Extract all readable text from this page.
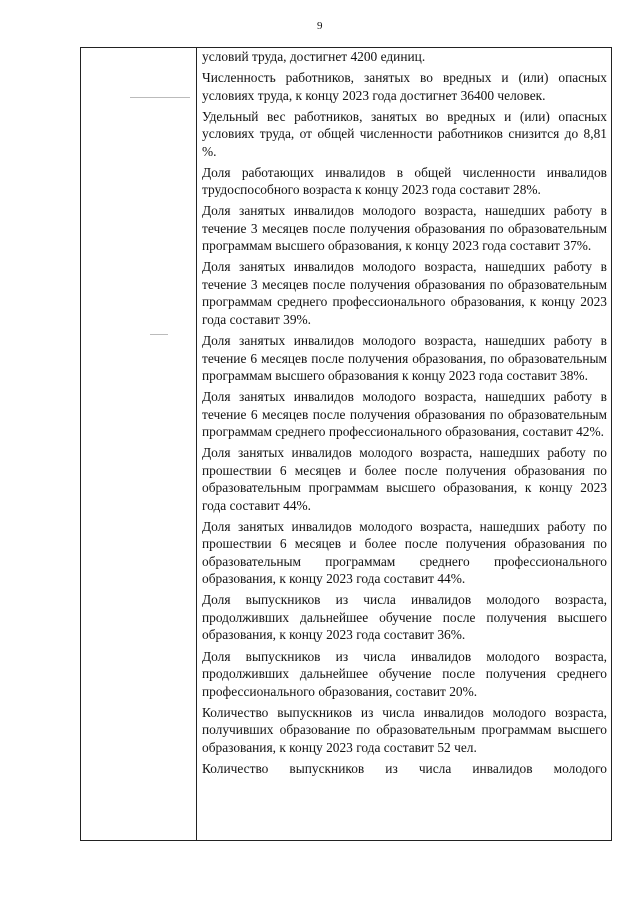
9

условий труда, достигнет 4200 единиц.

Численность работников, занятых во вредных и (или) опасных условиях труда, к концу 2023 года достигнет 36400 человек.

Удельный вес работников, занятых во вредных и (или) опасных условиях труда, от общей численности работников снизится до 8,81 %.

Доля работающих инвалидов в общей численности инвалидов трудоспособного возраста к концу 2023 года составит 28%.

Доля занятых инвалидов молодого возраста, нашедших работу в течение 3 месяцев после получения образования по образовательным программам высшего образования, к концу 2023 года составит 37%.

Доля занятых инвалидов молодого возраста, нашедших работу в течение 3 месяцев после получения образования по образовательным программам среднего профессионального образования, к концу 2023 года составит 39%.

Доля занятых инвалидов молодого возраста, нашедших работу в течение 6 месяцев после получения образования, по образовательным программам высшего образования к концу 2023 года составит 38%.

Доля занятых инвалидов молодого возраста, нашедших работу в течение 6 месяцев после получения образования по образовательным программам среднего профессионального образования, составит 42%.

Доля занятых инвалидов молодого возраста, нашедших работу по прошествии 6 месяцев и более после получения образования по образовательным программам высшего образования, к концу 2023 года составит 44%.

Доля занятых инвалидов молодого возраста, нашедших работу по прошествии 6 месяцев и более после получения образования по образовательным программам среднего профессионального образования, к концу 2023 года составит 44%.

Доля выпускников из числа инвалидов молодого возраста, продолживших дальнейшее обучение после получения высшего образования, к концу 2023 года составит 36%.

Доля выпускников из числа инвалидов молодого возраста, продолживших дальнейшее обучение после получения среднего профессионального образования, составит 20%.

Количество выпускников из числа инвалидов молодого возраста, получивших образование по образовательным программам высшего образования, к концу 2023 года составит 52 чел.

Количество выпускников из числа инвалидов молодого
